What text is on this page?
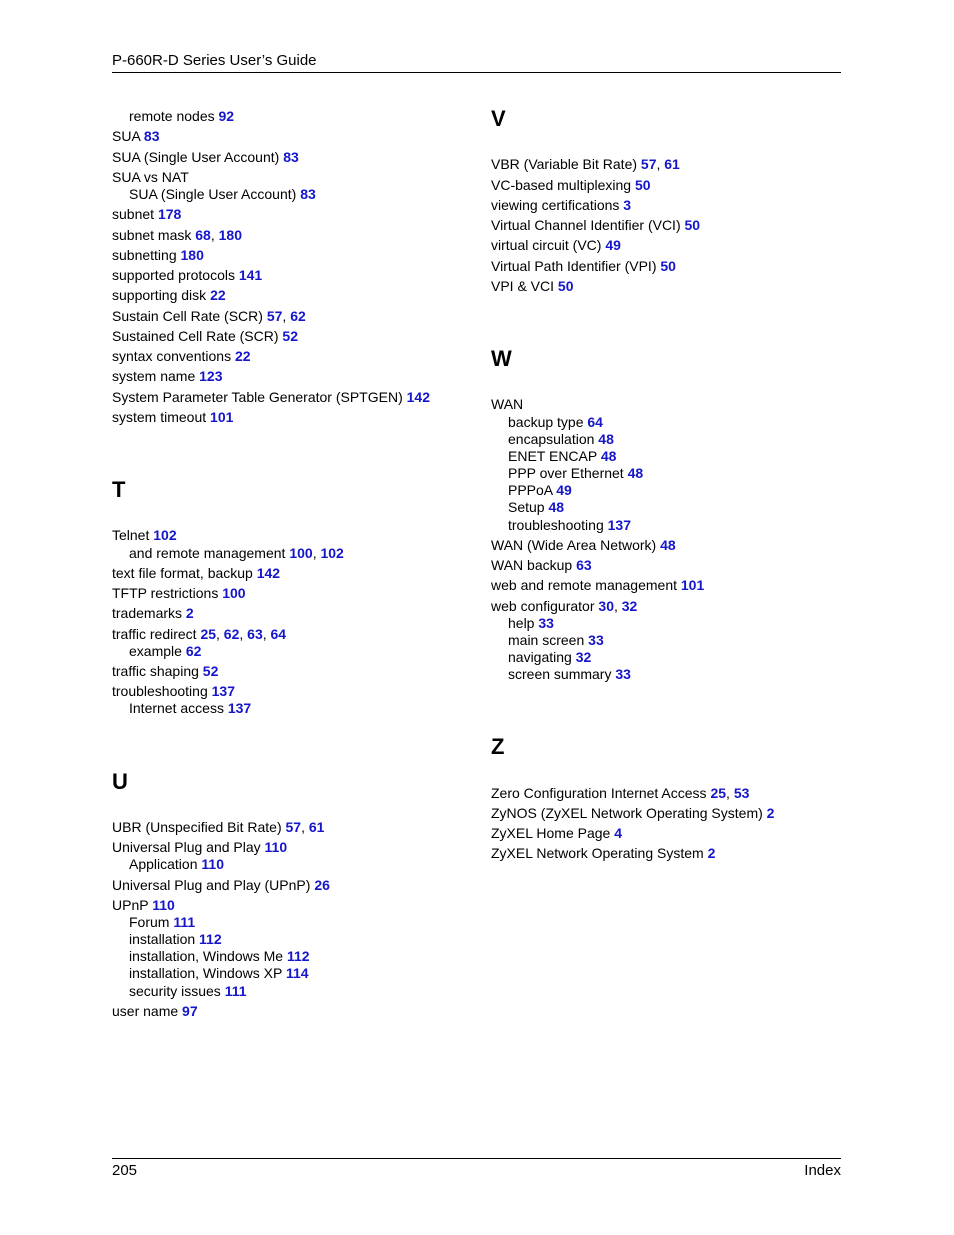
P-660R-D Series User’s Guide
remote nodes 92
SUA 83
SUA (Single User Account) 83
SUA vs NAT
SUA (Single User Account) 83
subnet 178
subnet mask 68, 180
subnetting 180
supported protocols 141
supporting disk 22
Sustain Cell Rate (SCR) 57, 62
Sustained Cell Rate (SCR) 52
syntax conventions 22
system name 123
System Parameter Table Generator (SPTGEN) 142
system timeout 101
T
Telnet 102
and remote management 100, 102
text file format, backup 142
TFTP restrictions 100
trademarks 2
traffic redirect 25, 62, 63, 64
example 62
traffic shaping 52
troubleshooting 137
Internet access 137
U
UBR (Unspecified Bit Rate) 57, 61
Universal Plug and Play 110
Application 110
Universal Plug and Play (UPnP) 26
UPnP 110
Forum 111
installation 112
installation, Windows Me 112
installation, Windows XP 114
security issues 111
user name 97
V
VBR (Variable Bit Rate) 57, 61
VC-based multiplexing 50
viewing certifications 3
Virtual Channel Identifier (VCI) 50
virtual circuit (VC) 49
Virtual Path Identifier (VPI) 50
VPI & VCI 50
W
WAN
backup type 64
encapsulation 48
ENET ENCAP 48
PPP over Ethernet 48
PPPoA 49
Setup 48
troubleshooting 137
WAN (Wide Area Network) 48
WAN backup 63
web and remote management 101
web configurator 30, 32
help 33
main screen 33
navigating 32
screen summary 33
Z
Zero Configuration Internet Access 25, 53
ZyNOS (ZyXEL Network Operating System) 2
ZyXEL Home Page 4
ZyXEL Network Operating System 2
205	Index
